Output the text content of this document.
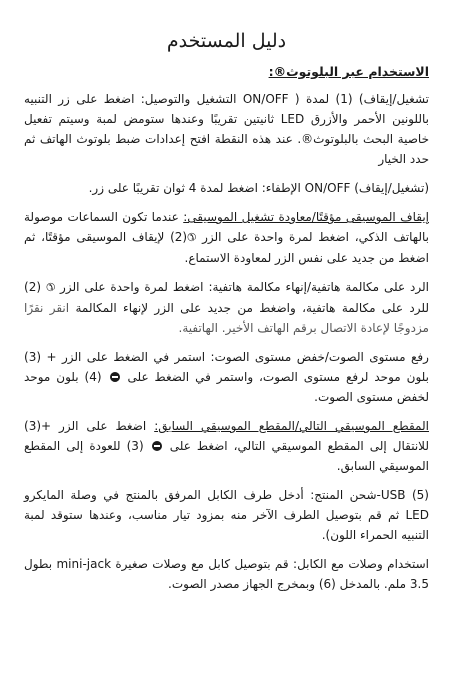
دليل المستخدم
الاستخدام عبر البلوتوث®:

تشغيل/إيقاف) (1) لمدة ( ON/OFF التشغيل والتوصيل: اضغط على زر التنبيه باللونين الأحمر والأزرق LED ثانيتين تقريبًا وعندها ستومض لمبة وسيتم تفعيل خاصية البحث بالبلوتوث®. عند هذه النقطة افتح إعدادات ضبط بلوتوث الهاتف ثم حدد الخيار

(تشغيل/إيقاف) ON/OFF الإطفاء: اضغط لمدة 4 ثوان تقريبًا على زر.

إيقاف الموسيقى مؤقتًا/معاودة تشغيل الموسيقى: عندما تكون السماعات موصولة بالهاتف الذكي، اضغط لمرة واحدة على الزر ✆(2) لإيقاف الموسيقى مؤقتًا، ثم اضغط من جديد على نفس الزر لمعاودة الاستماع.

الرد على مكالمة هاتفية/إنهاء مكالمة هاتفية: اضغط لمرة واحدة على الزر ✆ (2) للرد على مكالمة هاتفية، واضغط من جديد على الزر لإنهاء المكالمة انقر نقرًا مزدوجًا لإعادة الاتصال برقم الهاتف الأخير. الهاتفية.

رفع مستوى الصوت/خفض مستوى الصوت: استمر في الضغط على الزر + (3) بلون موحد لرفع مستوى الصوت، واستمر في الضغط على  (4) بلون موحد لخفض مستوى الصوت.

المقطع الموسيقي التالي/المقطع الموسيقي السابق: اضغط على الزر +(3) للانتقال إلى المقطع الموسيقي التالي، اضغط على  (3) للعودة إلى المقطع الموسيقي السابق.

USB (5)-شحن المنتج: أدخل طرف الكابل المرفق بالمنتج في وصلة المايكرو LED ثم قم بتوصيل الطرف الآخر منه بمزود تيار مناسب، وعندها ستوقد لمبة التنبيه الحمراء اللون).

استخدام وصلات مع الكابل: قم بتوصيل كابل مع وصلات صغيرة mini-jack بطول 3.5 ملم. بالمدخل (6) وبمخرج الجهاز مصدر الصوت.
